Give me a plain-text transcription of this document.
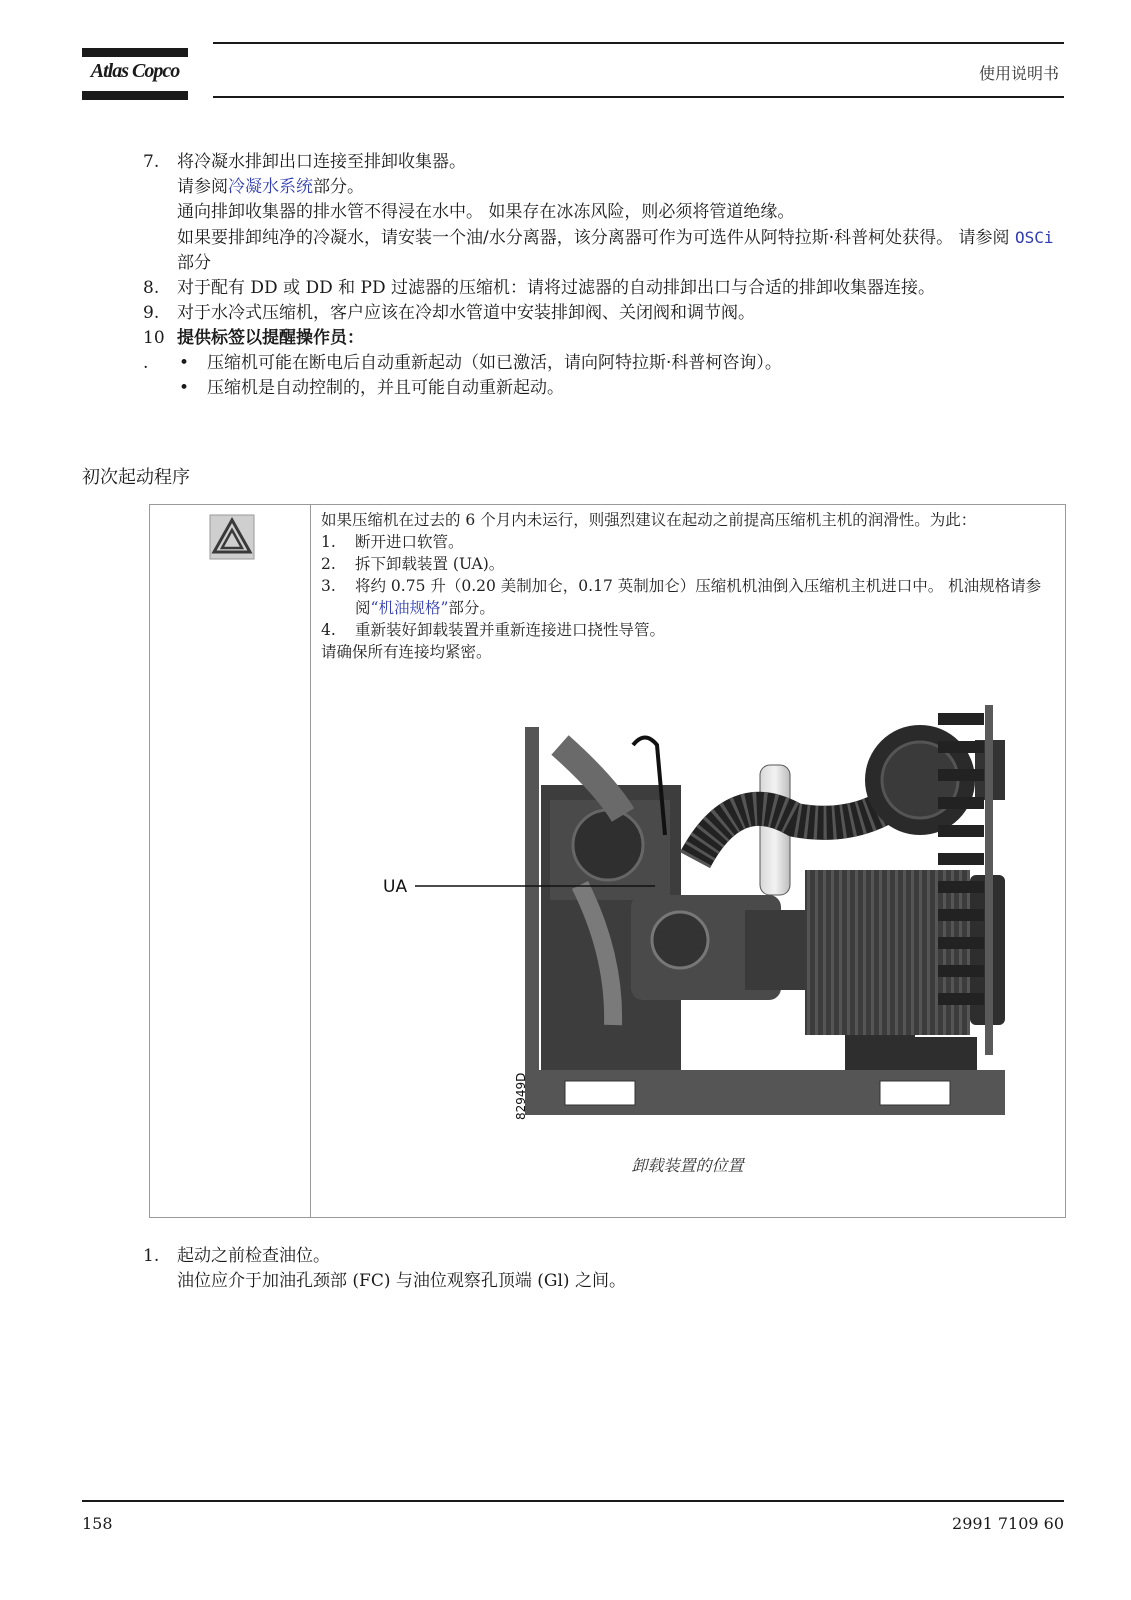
Atlas Copco	使用说明书
7.	将冷凝水排卸出口连接至排卸收集器。
请参阅冷凝水系统部分。
通向排卸收集器的排水管不得浸在水中。 如果存在冰冻风险，则必须将管道绝缘。
如果要排卸纯净的冷凝水，请安装一个油/水分离器，该分离器可作为可选件从阿特拉斯·科普柯处获得。 请参阅 OSCi 部分
8.	对于配有 DD 或 DD 和 PD 过滤器的压缩机：请将过滤器的自动排卸出口与合适的排卸收集器连接。
9.	对于水冷式压缩机，客户应该在冷却水管道中安装排卸阀、关闭阀和调节阀。
10
.
提供标签以提醒操作员：
•	压缩机可能在断电后自动重新起动（如已激活，请向阿特拉斯·科普柯咨询）。
•	压缩机是自动控制的，并且可能自动重新起动。
初次起动程序
如果压缩机在过去的 6 个月内未运行，则强烈建议在起动之前提高压缩机主机的润滑性。为此：
1.	断开进口软管。
2.	拆下卸载装置 (UA)。
3.	将约 0.75 升（0.20 美制加仑，0.17 英制加仑）压缩机机油倒入压缩机主机进口中。 机油规格请参阅“机油规格”部分。
4.	重新装好卸载装置并重新连接进口挠性导管。
请确保所有连接均紧密。
UA
82949D
卸载装置的位置
1.	起动之前检查油位。
油位应介于加油孔颈部 (FC) 与油位观察孔顶端 (Gl) 之间。
158	2991 7109 60
